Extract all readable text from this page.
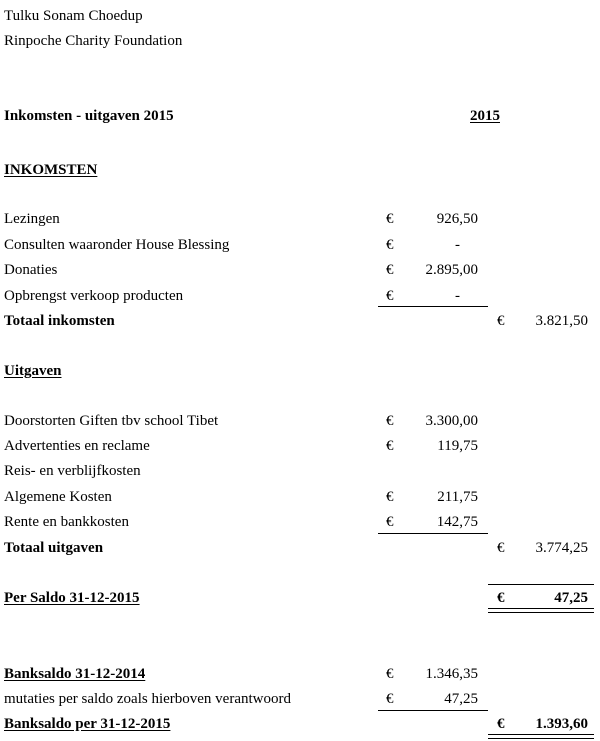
Tulku Sonam Choedup
Rinpoche Charity Foundation
Inkomsten - uitgaven 2015	2015
INKOMSTEN
Lezingen	€	926,50
Consulten waaronder House Blessing	€	-
Donaties	€	2.895,00
Opbrengst verkoop producten	€	-
Totaal inkomsten	€	3.821,50
Uitgaven
Doorstorten Giften tbv school Tibet	€	3.300,00
Advertenties en reclame	€	119,75
Reis- en verblijfkosten
Algemene Kosten	€	211,75
Rente en bankkosten	€	142,75
Totaal uitgaven	€	3.774,25
Per Saldo 31-12-2015	€	47,25
Banksaldo 31-12-2014	€	1.346,35
mutaties per saldo zoals hierboven verantwoord	€	47,25
Banksaldo per 31-12-2015	€	1.393,60
